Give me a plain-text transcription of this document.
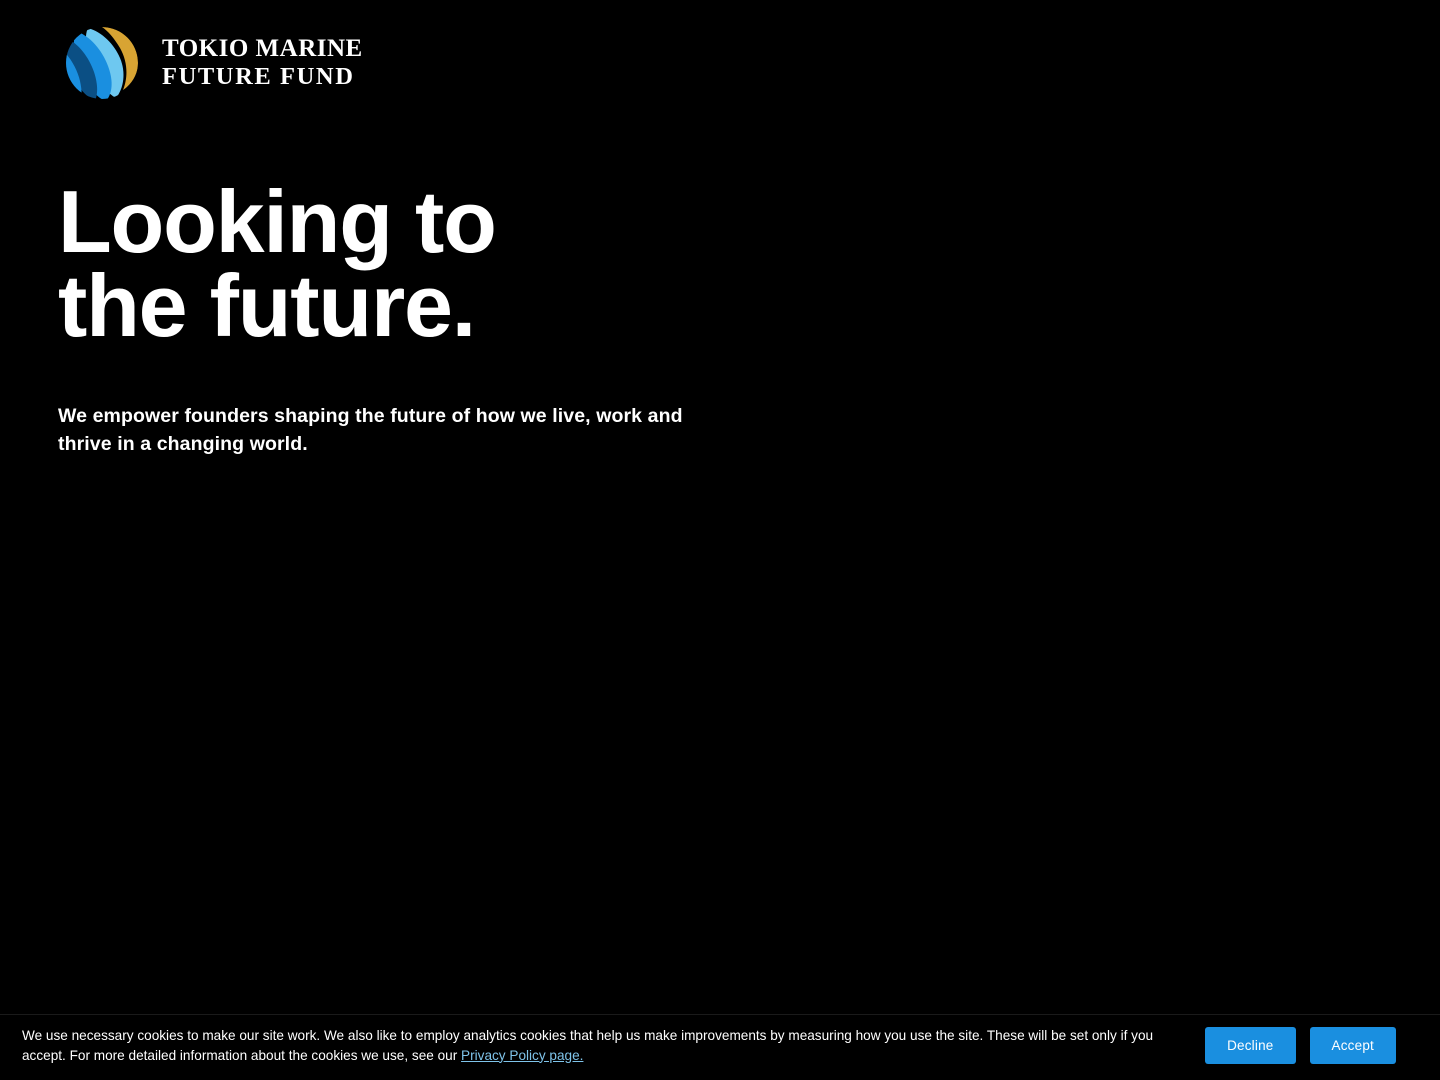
TOKIO MARINE
FUTURE FUND
Looking to the future.

We empower founders shaping the future of how we live, work and thrive in a changing world.

We use necessary cookies to make our site work. We also like to employ analytics cookies that help us make improvements by measuring how you use the site. These will be set only if you accept. For more detailed information about the cookies we use, see our Privacy Policy page.
Decline	Accept
